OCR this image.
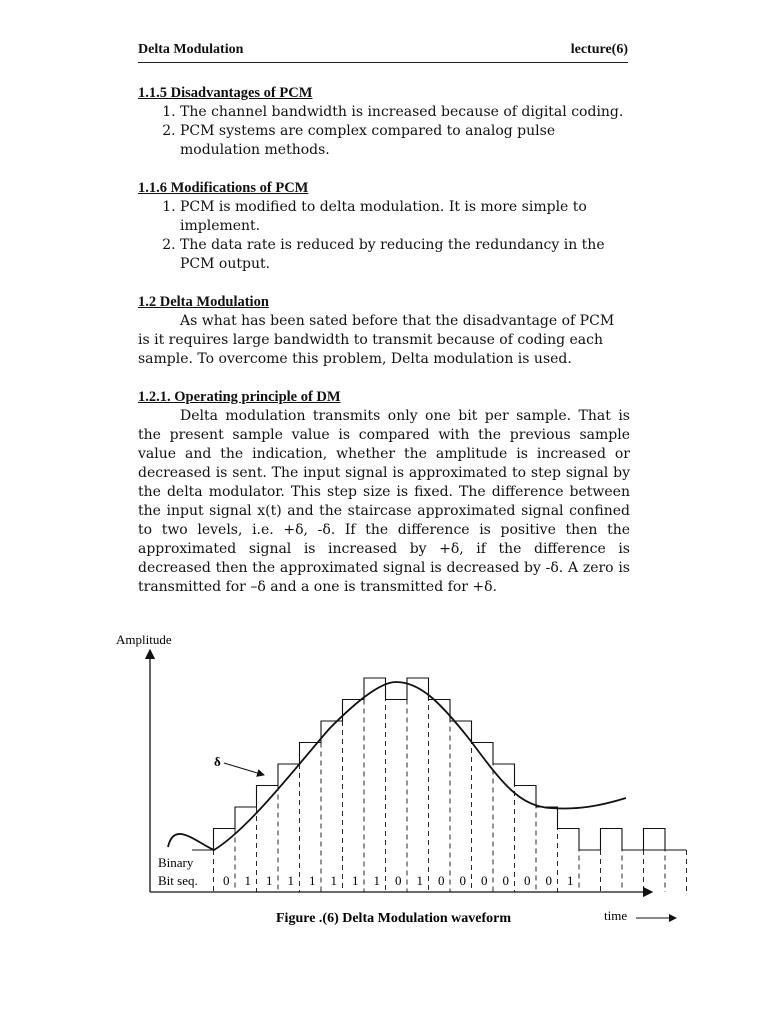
Delta Modulation	lecture(6)
1.1.5 Disadvantages of PCM
1. The channel bandwidth is increased because of digital coding.
2. PCM systems are complex compared to analog pulse modulation methods.
1.1.6 Modifications of PCM
1. PCM is modified to delta modulation. It is more simple to implement.
2. The data rate is reduced by reducing the redundancy in the PCM output.
1.2 Delta Modulation

As what has been sated before that the disadvantage of PCM is it requires large bandwidth to transmit because of coding each sample. To overcome this problem, Delta modulation is used.

1.2.1. Operating principle of DM

Delta modulation transmits only one bit per sample. That is the present sample value is compared with the previous sample value and the indication, whether the amplitude is increased or decreased is sent. The input signal is approximated to step signal by the delta modulator. This step size is fixed. The difference between the input signal x(t) and the staircase approximated signal confined to two levels, i.e. +δ, -δ. If the difference is positive then the approximated signal is increased by +δ, if the difference is decreased then the approximated signal is decreased by -δ. A zero is transmitted for –δ and a one is transmitted for +δ.

Amplitude
time
δ
Binary
Bit seq. 0 1 1 1 1 1 1 1 0 1 0 0 0 0 0 0 1
Figure .(6) Delta Modulation waveform
